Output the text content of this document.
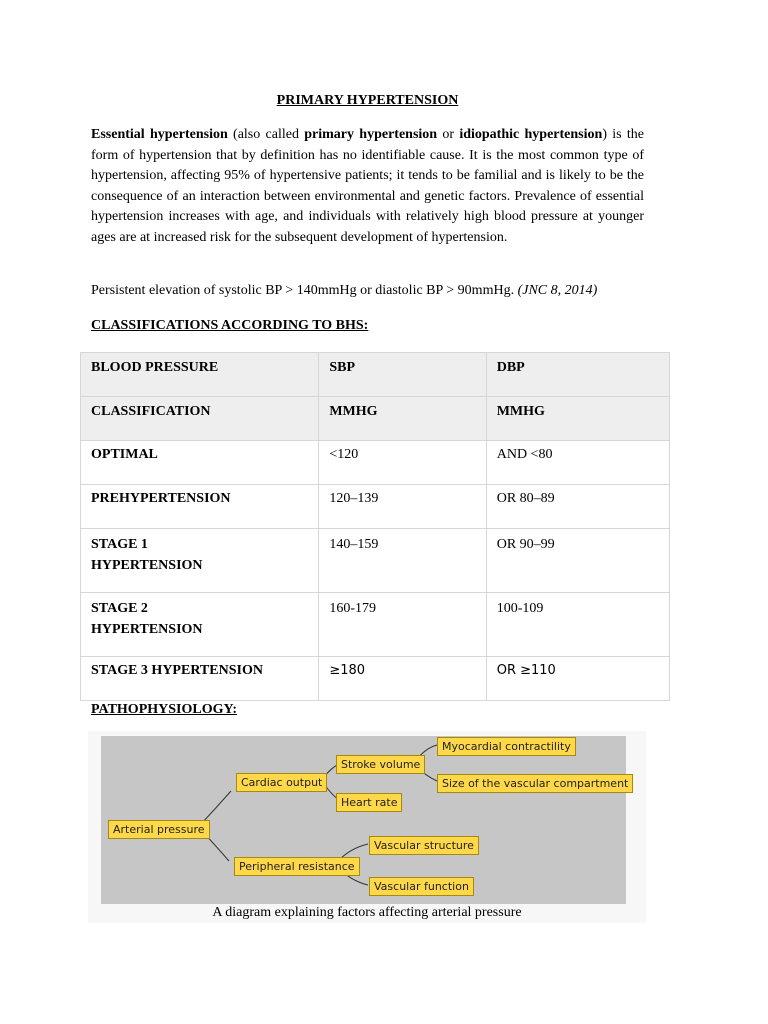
PRIMARY HYPERTENSION
Essential hypertension (also called primary hypertension or idiopathic hypertension) is the form of hypertension that by definition has no identifiable cause. It is the most common type of hypertension, affecting 95% of hypertensive patients; it tends to be familial and is likely to be the consequence of an interaction between environmental and genetic factors. Prevalence of essential hypertension increases with age, and individuals with relatively high blood pressure at younger ages are at increased risk for the subsequent development of hypertension.
Persistent elevation of systolic BP > 140mmHg or diastolic BP > 90mmHg. (JNC 8, 2014)
CLASSIFICATIONS ACCORDING TO BHS:
BLOOD PRESSURE	SBP	DBP
CLASSIFICATION	MMHG	MMHG
OPTIMAL	<120	AND <80
PREHYPERTENSION	120–139	OR 80–89
STAGE 1 HYPERTENSION	140–159	OR 90–99
STAGE 2 HYPERTENSION	160-179	100-109
STAGE 3 HYPERTENSION	≥180	OR ≥110
PATHOPHYSIOLOGY:
Arterial pressure
Cardiac output
Peripheral resistance
Stroke volume
Heart rate
Myocardial contractility
Size of the vascular compartment
Vascular structure
Vascular function
A diagram explaining factors affecting arterial pressure
